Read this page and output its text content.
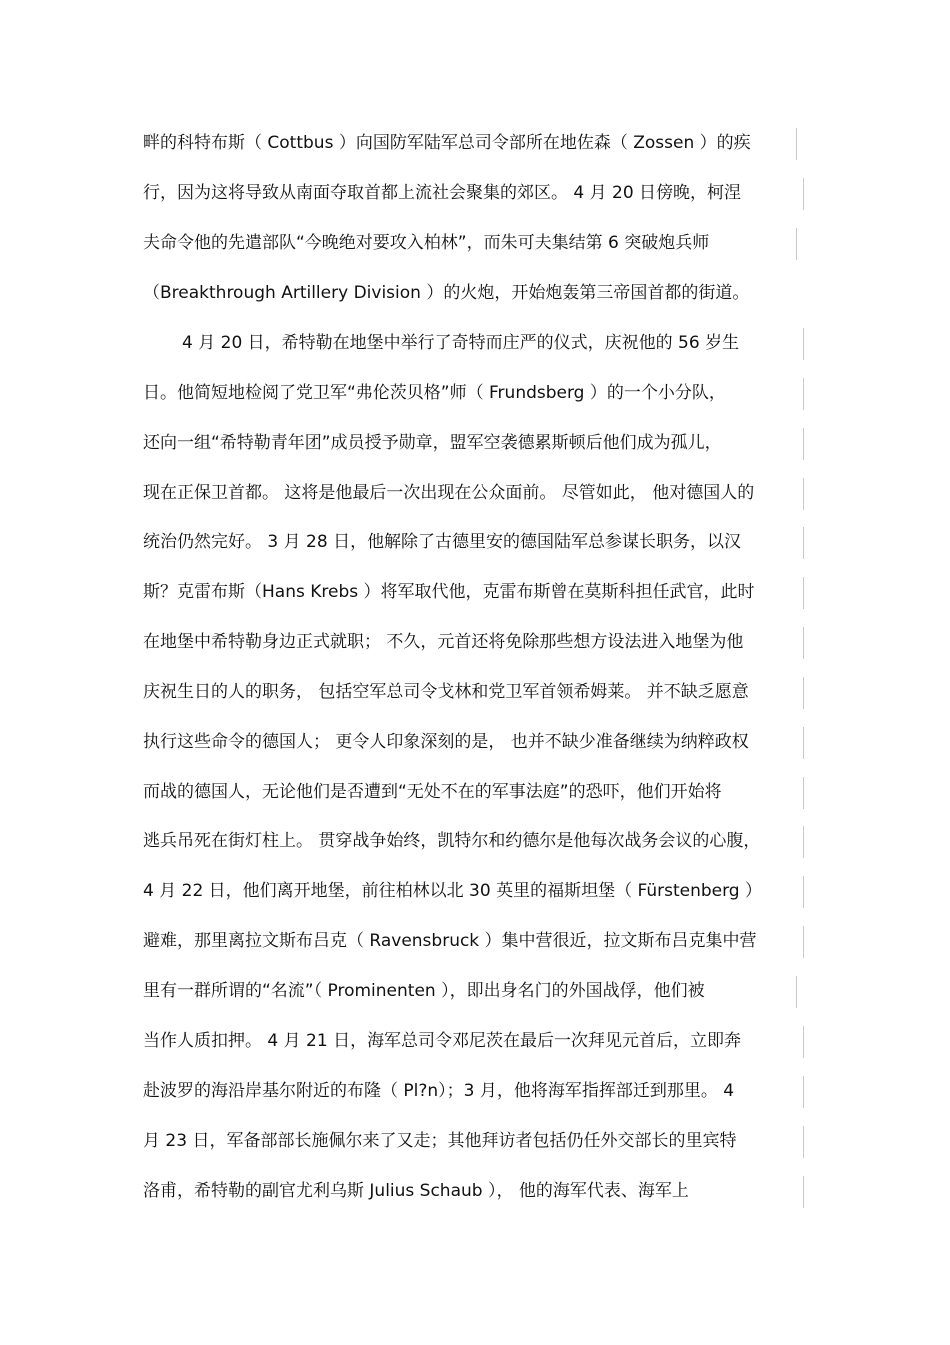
畔的科特布斯（ Cottbus ）向国防军陆军总司令部所在地佐森（ Zossen ）的疾
行，因为这将导致从南面夺取首都上流社会聚集的郊区。 4 月 20 日傍晚，柯涅
夫命令他的先遣部队“今晚绝对要攻入柏林”，而朱可夫集结第 6 突破炮兵师
（Breakthrough Artillery Division ）的火炮，开始炮轰第三帝国首都的街道。
4 月 20 日，希特勒在地堡中举行了奇特而庄严的仪式，庆祝他的 56 岁生
日。他简短地检阅了党卫军“弗伦茨贝格”师（ Frundsberg ）的一个小分队，
还向一组“希特勒青年团”成员授予勋章，盟军空袭德累斯顿后他们成为孤儿，
现在正保卫首都。 这将是他最后一次出现在公众面前。 尽管如此， 他对德国人的
统治仍然完好。 3 月 28 日，他解除了古德里安的德国陆军总参谋长职务，以汉
斯？克雷布斯（Hans Krebs ）将军取代他，克雷布斯曾在莫斯科担任武官，此时
在地堡中希特勒身边正式就职； 不久，元首还将免除那些想方设法进入地堡为他
庆祝生日的人的职务， 包括空军总司令戈林和党卫军首领希姆莱。 并不缺乏愿意
执行这些命令的德国人； 更令人印象深刻的是， 也并不缺少准备继续为纳粹政权
而战的德国人，无论他们是否遭到“无处不在的军事法庭”的恐吓，他们开始将
逃兵吊死在街灯柱上。 贯穿战争始终，凯特尔和约德尔是他每次战务会议的心腹，
4 月 22 日，他们离开地堡，前往柏林以北 30 英里的福斯坦堡（ Fürstenberg ）
避难，那里离拉文斯布吕克（ Ravensbruck ）集中营很近，拉文斯布吕克集中营
里有一群所谓的“名流”（ Prominenten ），即出身名门的外国战俘，他们被
当作人质扣押。 4 月 21 日，海军总司令邓尼茨在最后一次拜见元首后，立即奔
赴波罗的海沿岸基尔附近的布隆（ Pl?n）；3 月，他将海军指挥部迁到那里。 4
月 23 日，军备部部长施佩尔来了又走；其他拜访者包括仍任外交部长的里宾特
洛甫，希特勒的副官尤利乌斯 Julius Schaub ）， 他的海军代表、海军上
